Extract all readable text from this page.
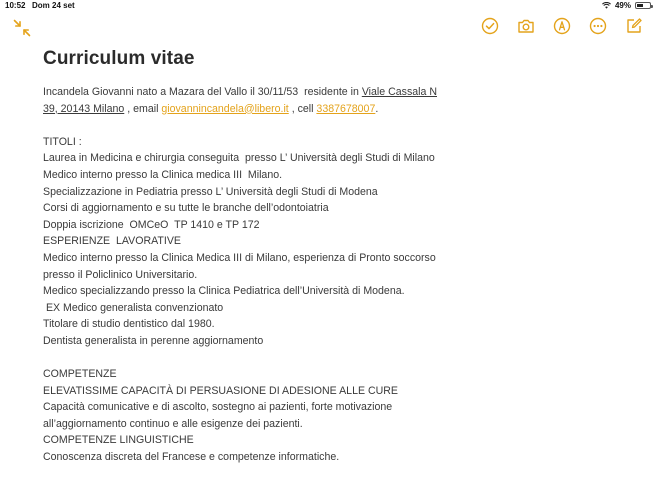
10:52 Dom 24 set	49%
Curriculum vitae
Incandela Giovanni nato a Mazara del Vallo il 30/11/53  residente in Viale Cassala N
39, 20143 Milano , email giovannincandela@libero.it , cell 3387678007.
TITOLI :
Laurea in Medicina e chirurgia conseguita  presso L’ Università degli Studi di Milano
Medico interno presso la Clinica medica III  Milano.
Specializzazione in Pediatria presso L’ Università degli Studi di Modena
Corsi di aggiornamento e su tutte le branche dell’odontoiatria
Doppia iscrizione  OMCeO  TP 1410 e TP 172
ESPERIENZE  LAVORATIVE
Medico interno presso la Clinica Medica III di Milano, esperienza di Pronto soccorso
presso il Policlinico Universitario.
Medico specializzando presso la Clinica Pediatrica dell’Università di Modena.
EX Medico generalista convenzionato
Titolare di studio dentistico dal 1980.
Dentista generalista in perenne aggiornamento
COMPETENZE
ELEVATISSIME CAPACITÀ DI PERSUASIONE DI ADESIONE ALLE CURE
Capacità comunicative e di ascolto, sostegno ai pazienti, forte motivazione
all’aggiornamento continuo e alle esigenze dei pazienti.
COMPETENZE LINGUISTICHE
Conoscenza discreta del Francese e competenze informatiche.
